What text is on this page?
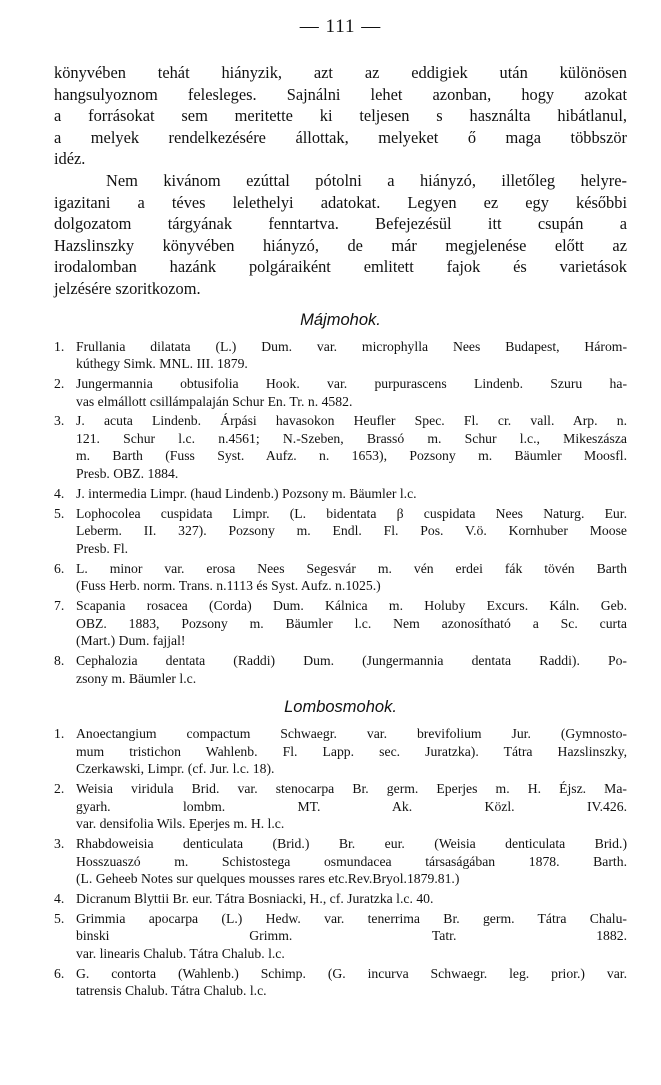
— 111 —

könyvében tehát hiányzik, azt az eddigiek után különösen
hangsulyoznom felesleges. Sajnálni lehet azonban, hogy azokat
a forrásokat sem meritette ki teljesen s használta hibátlanul,
a melyek rendelkezésére állottak, melyeket ő maga többször
idéz.

Nem kivánom ezúttal pótolni a hiányzó, illetőleg helyre-
igazitani a téves lelethelyi adatokat. Legyen ez egy későbbi
dolgozatom tárgyának fenntartva. Befejezésül itt csupán a
Hazslinszky könyvében hiányzó, de már megjelenése előtt az
irodalomban hazánk polgáraiként emlitett fajok és varietások
jelzésére szoritkozom.

Májmohok.
1. Frullania dilatata (L.) Dum. var. microphylla Nees Budapest, Három-
kúthegy Simk. MNL. III. 1879.
2. Jungermannia obtusifolia Hook. var. purpurascens Lindenb. Szuru ha-
vas elmállott csillámpalaján Schur En. Tr. n. 4582.
3. J. acuta Lindenb. Árpási havasokon Heufler Spec. Fl. cr. vall. Arp. n.
121. Schur l.c. n.4561; N.-Szeben, Brassó m. Schur l.c., Mikeszásza
m. Barth (Fuss Syst. Aufz. n. 1653), Pozsony m. Bäumler Moosfl.
Presb. OBZ. 1884.
4. J. intermedia Limpr. (haud Lindenb.) Pozsony m. Bäumler l.c.
5. Lophocolea cuspidata Limpr. (L. bidentata β cuspidata Nees Naturg. Eur.
Leberm. II. 327). Pozsony m. Endl. Fl. Pos. V.ö. Kornhuber Moose
Presb. Fl.
6. L. minor var. erosa Nees Segesvár m. vén erdei fák tövén Barth
(Fuss Herb. norm. Trans. n.1113 és Syst. Aufz. n.1025.)
7. Scapania rosacea (Corda) Dum. Kálnica m. Holuby Excurs. Káln. Geb.
OBZ. 1883, Pozsony m. Bäumler l.c. Nem azonosítható a Sc. curta
(Mart.) Dum. fajjal!
8. Cephalozia dentata (Raddi) Dum. (Jungermannia dentata Raddi). Po-
zsony m. Bäumler l.c.
Lombosmohok.
1. Anoectangium compactum Schwaegr. var. brevifolium Jur. (Gymnosto-
mum tristichon Wahlenb. Fl. Lapp. sec. Juratzka). Tátra Hazslinszky,
Czerkawski, Limpr. (cf. Jur. l.c. 18).
2. Weisia viridula Brid. var. stenocarpa Br. germ. Eperjes m. H. Éjsz. Ma-
gyarh. lombm. MT. Ak. Közl. IV.426.
var. densifolia Wils. Eperjes m. H. l.c.
3. Rhabdoweisia denticulata (Brid.) Br. eur. (Weisia denticulata Brid.)
Hosszuaszó m. Schistostega osmundacea társaságában 1878. Barth.
(L. Geheeb Notes sur quelques mousses rares etc.Rev.Bryol.1879.81.)
4. Dicranum Blyttii Br. eur. Tátra Bosniacki, H., cf. Juratzka l.c. 40.
5. Grimmia apocarpa (L.) Hedw. var. tenerrima Br. germ. Tátra Chalu-
binski Grimm. Tatr. 1882.
var. linearis Chalub. Tátra Chalub. l.c.
6. G. contorta (Wahlenb.) Schimp. (G. incurva Schwaegr. leg. prior.) var.
tatrensis Chalub. Tátra Chalub. l.c.
